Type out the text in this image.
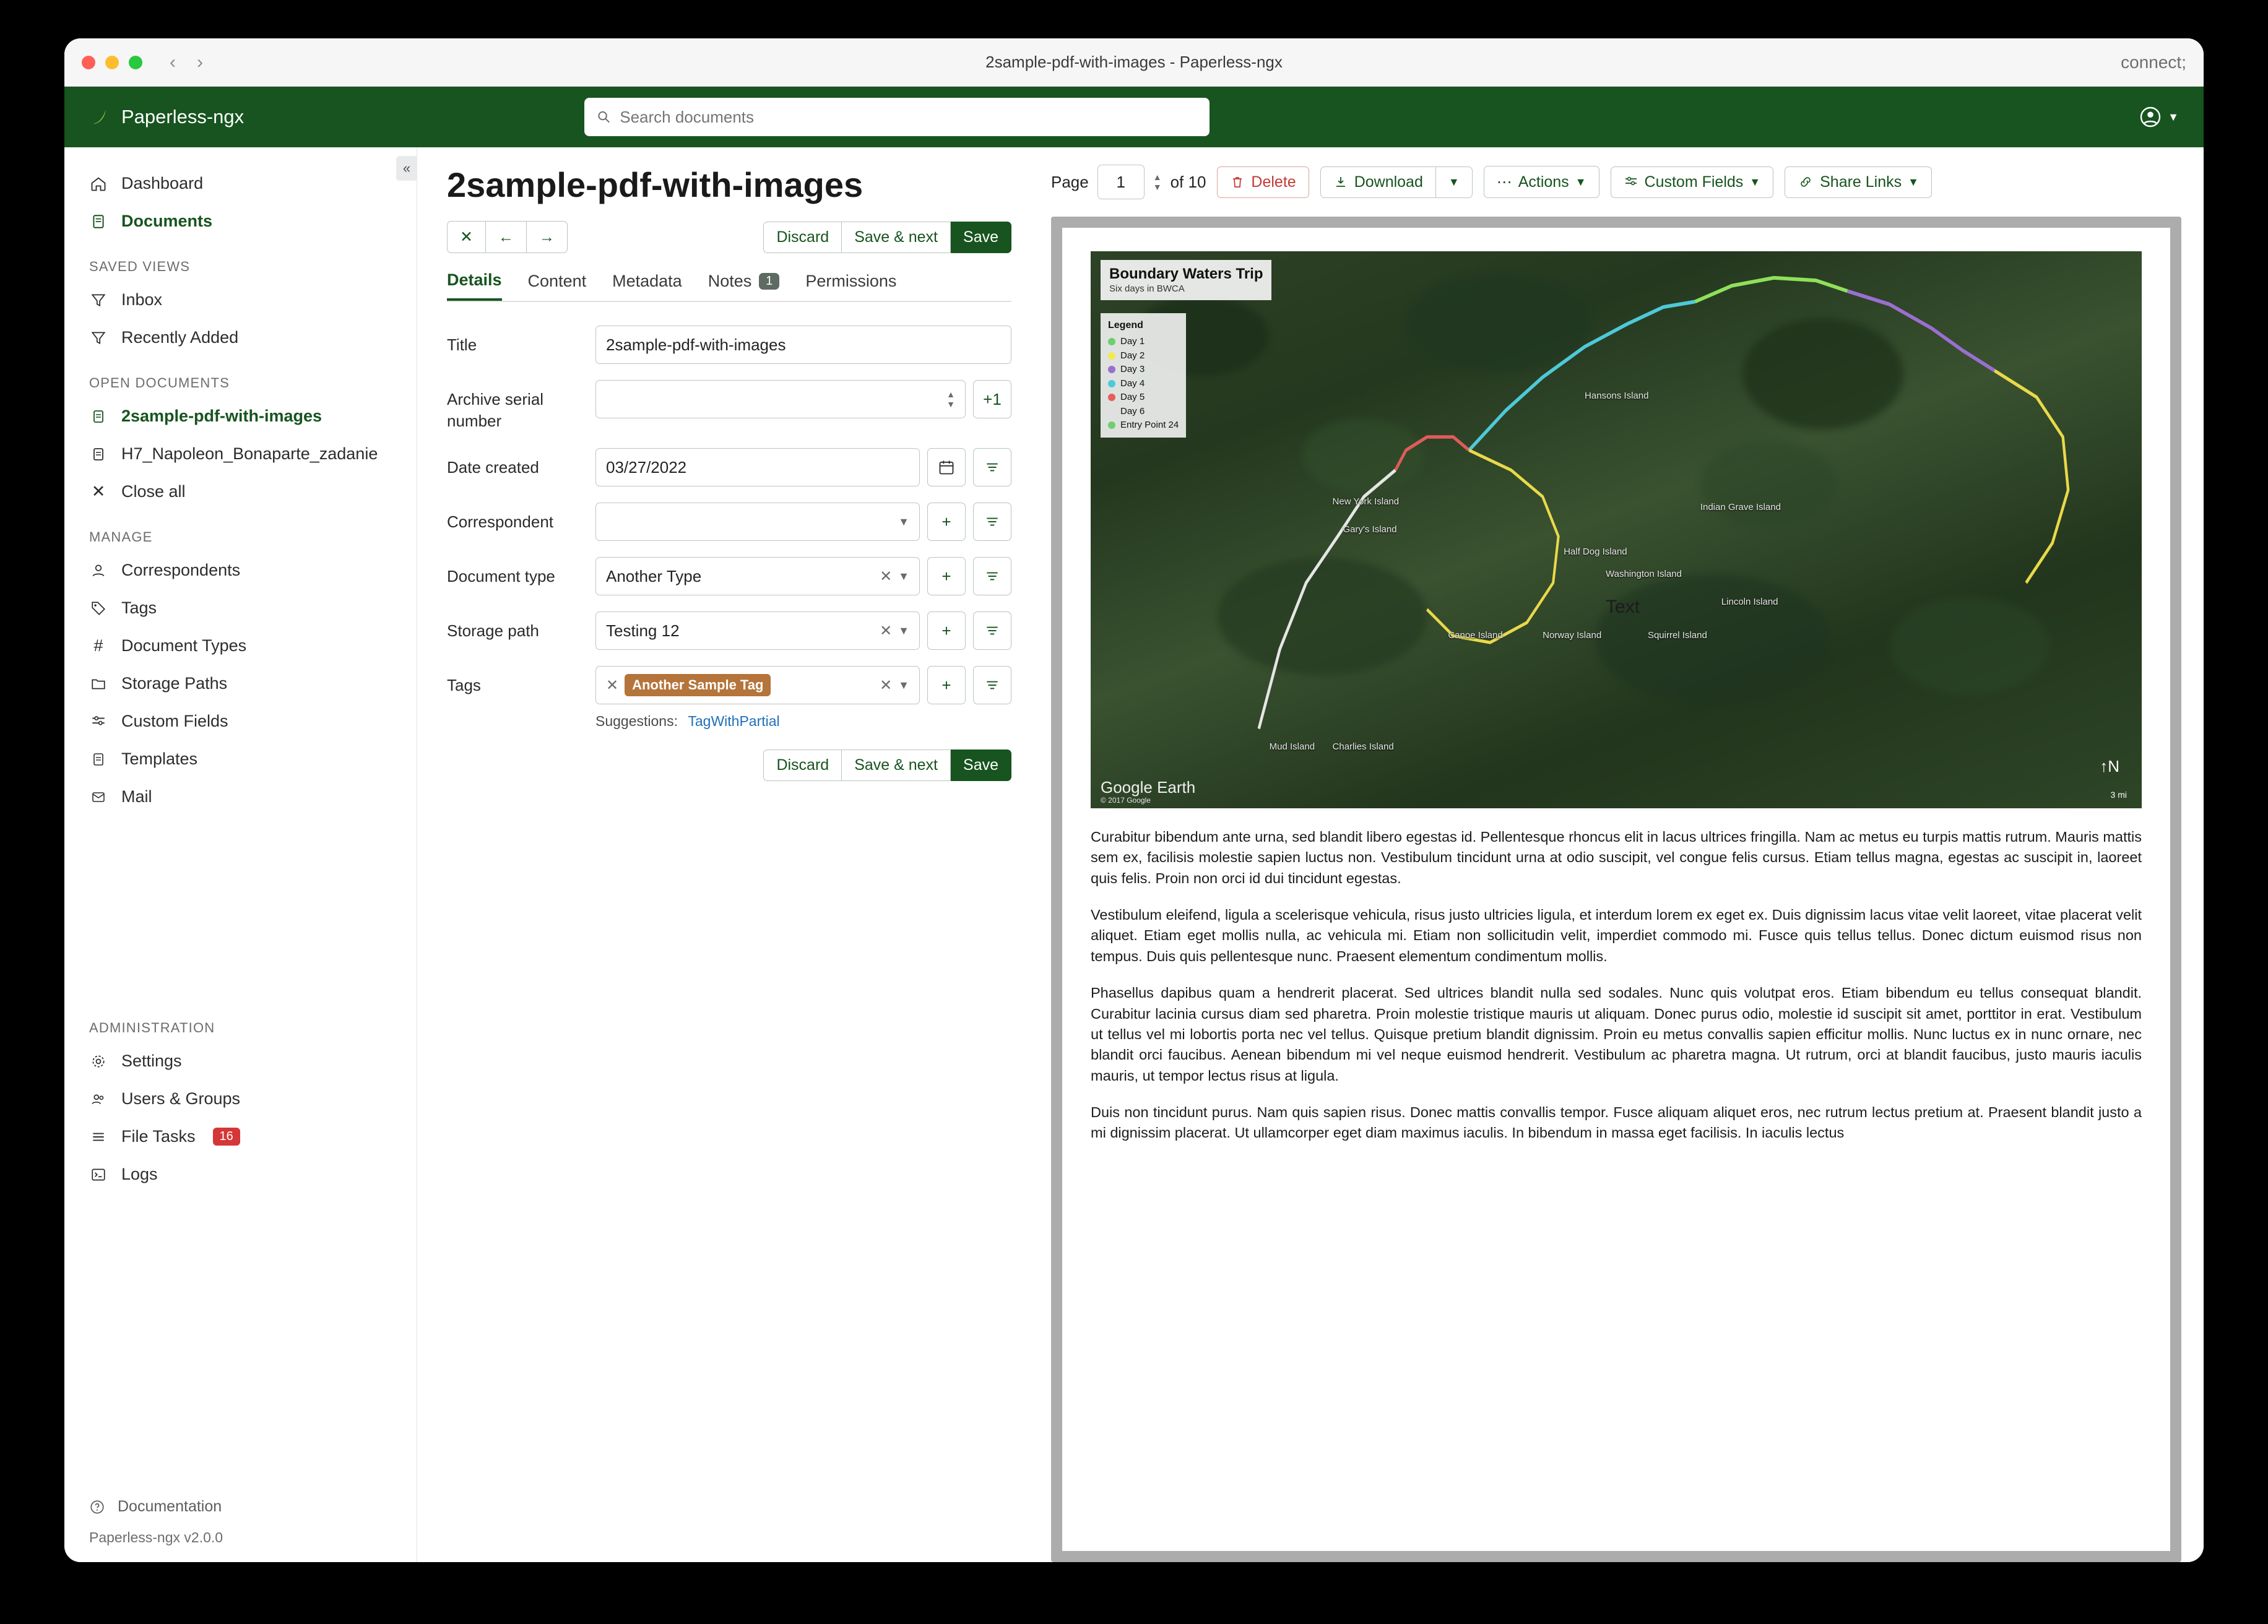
‹ ›	2sample-pdf-with-images - Paperless-ngx	connect;
Paperless-ngx
Search documents	▼
«
Dashboard
Documents
SAVED VIEWS
Inbox
Recently Added
OPEN DOCUMENTS
2sample-pdf-with-images
H7_Napoleon_Bonaparte_zadanie
✕ Close all
MANAGE
Correspondents
Tags
# Document Types
Storage Paths
Custom Fields
Templates
Mail
ADMINISTRATION
Settings
Users & Groups
File Tasks	16
Logs
Documentation
Paperless-ngx v2.0.0
2sample-pdf-with-images
✕	←	→	Discard	Save & next	Save
Details Content Metadata Notes	1	Permissions
Title	2sample-pdf-with-images
Archive serial number
▲
▼	+1
Date created	03/27/2022
Correspondent	▼	+
Document type	Another Type	✕ ▼	+
Storage path	Testing 12	✕ ▼	+
Tags	✕	Another Sample Tag	✕ ▼	+
Suggestions: TagWithPartial
Discard	Save & next	Save
Page 1	▲
▼ of 10	Delete	Download ▼ ⋯ Actions ▼	Custom Fields ▼	Share Links ▼
Boundary Waters Trip
Six days in BWCA
Legend
Day 1
Day 2
Day 3
Day 4
Day 5
Day 6
Entry Point 24
Hansons Island
New York Island
Gary's Island
Indian Grave Island
Half Dog Island
Washington Island
Lincoln Island
Canoe Island	Norway Island	Squirrel Island
Mud Island Charlies Island
Text
Google Earth
© 2017 Google
↑N
3 mi

Curabitur bibendum ante urna, sed blandit libero egestas id. Pellentesque rhoncus elit in lacus ultrices fringilla. Nam ac metus eu turpis mattis rutrum. Mauris mattis sem ex, facilisis molestie sapien luctus non. Vestibulum tincidunt urna at odio suscipit, vel congue felis cursus. Etiam tellus magna, egestas ac suscipit in, laoreet quis felis. Proin non orci id dui tincidunt egestas.

Vestibulum eleifend, ligula a scelerisque vehicula, risus justo ultricies ligula, et interdum lorem ex eget ex. Duis dignissim lacus vitae velit laoreet, vitae placerat velit aliquet. Etiam eget mollis nulla, ac vehicula mi. Etiam non sollicitudin velit, imperdiet commodo mi. Fusce quis tellus tellus. Donec dictum euismod risus non tempus. Duis quis pellentesque nunc. Praesent elementum condimentum mollis.

Phasellus dapibus quam a hendrerit placerat. Sed ultrices blandit nulla sed sodales. Nunc quis volutpat eros. Etiam bibendum eu tellus consequat blandit. Curabitur lacinia cursus diam sed pharetra. Proin molestie tristique mauris ut aliquam. Donec purus odio, molestie id suscipit sit amet, porttitor in erat. Vestibulum ut tellus vel mi lobortis porta nec vel tellus. Quisque pretium blandit dignissim. Proin eu metus convallis sapien efficitur mollis. Nunc luctus ex in nunc ornare, nec blandit orci faucibus. Aenean bibendum mi vel neque euismod hendrerit. Vestibulum ac pharetra magna. Ut rutrum, orci at blandit faucibus, justo mauris iaculis mauris, ut tempor lectus risus at ligula.

Duis non tincidunt purus. Nam quis sapien risus. Donec mattis convallis tempor. Fusce aliquam aliquet eros, nec rutrum lectus pretium at. Praesent blandit justo a mi dignissim placerat. Ut ullamcorper eget diam maximus iaculis. In bibendum in massa eget facilisis. In iaculis lectus
